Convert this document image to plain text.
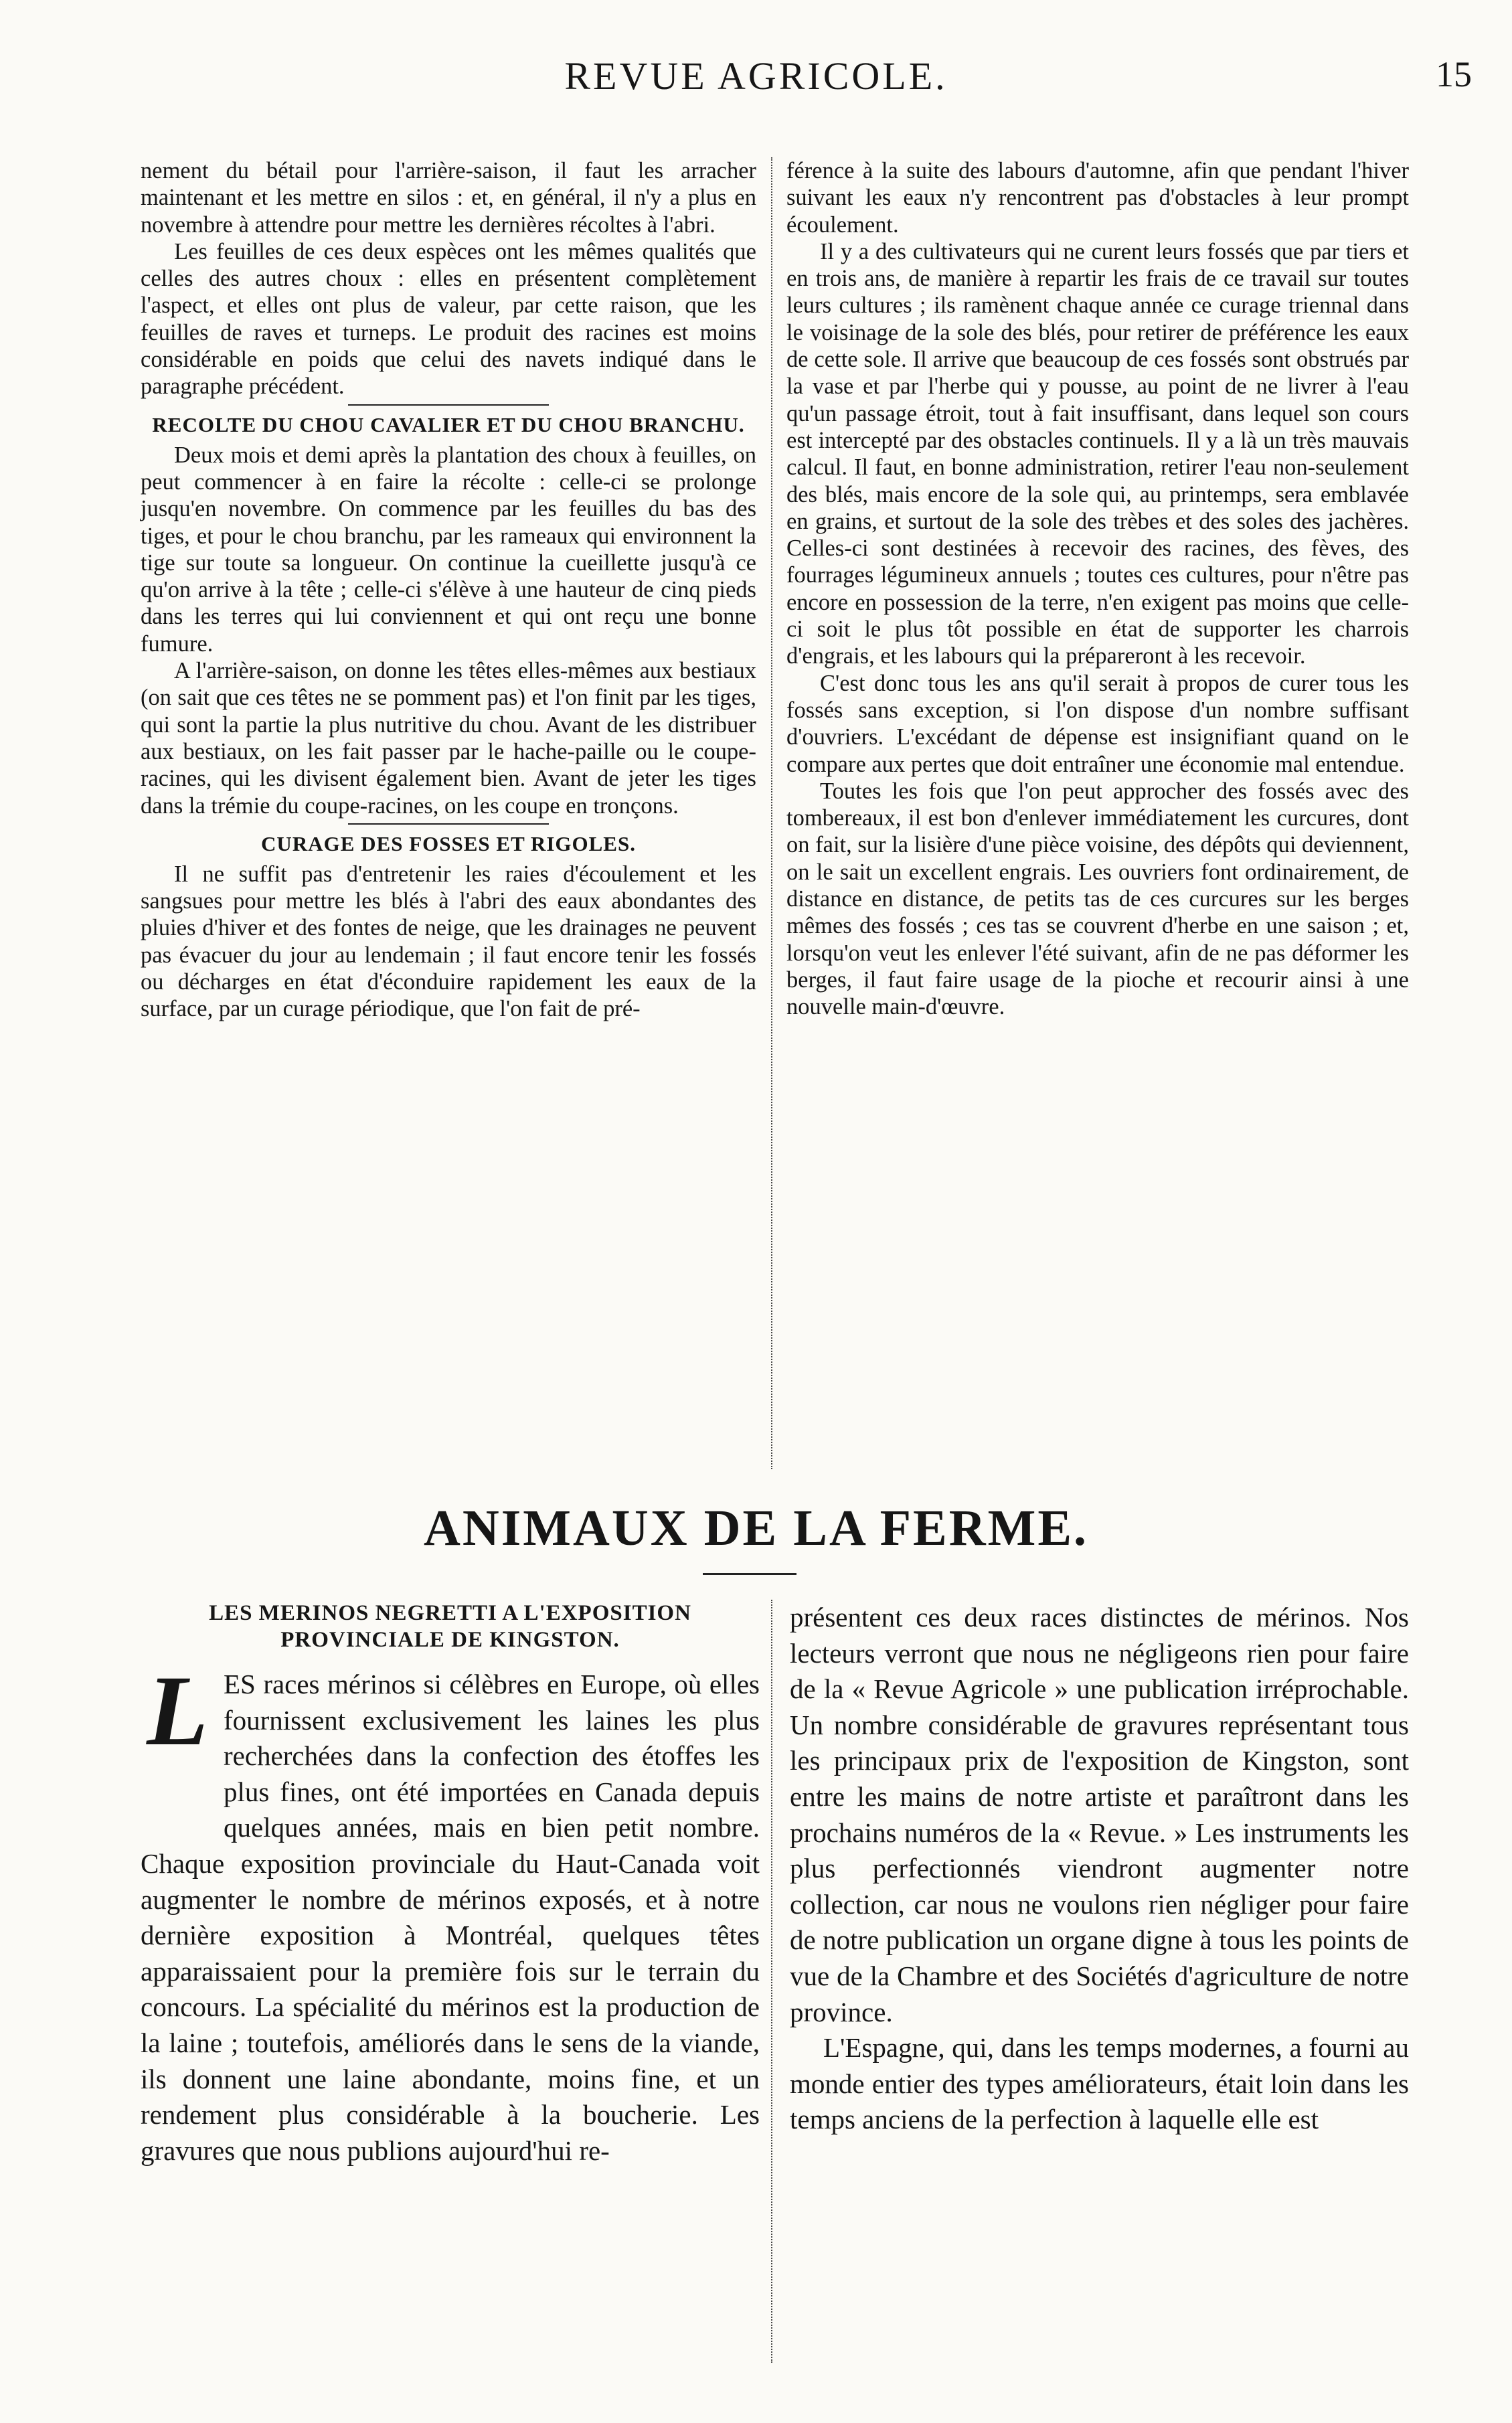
REVUE AGRICOLE.	15

nement du bétail pour l'arrière-saison, il faut les arracher maintenant et les mettre en silos : et, en général, il n'y a plus en novembre à attendre pour mettre les dernières récoltes à l'abri.

Les feuilles de ces deux espèces ont les mêmes qualités que celles des autres choux : elles en présentent complètement l'aspect, et elles ont plus de valeur, par cette raison, que les feuilles de raves et turneps. Le produit des racines est moins considérable en poids que celui des navets indiqué dans le paragraphe précédent.

RECOLTE DU CHOU CAVALIER ET DU CHOU BRANCHU.

Deux mois et demi après la plantation des choux à feuilles, on peut commencer à en faire la récolte : celle-ci se prolonge jusqu'en novembre. On commence par les feuilles du bas des tiges, et pour le chou branchu, par les rameaux qui environnent la tige sur toute sa longueur. On continue la cueillette jusqu'à ce qu'on arrive à la tête ; celle-ci s'élève à une hauteur de cinq pieds dans les terres qui lui conviennent et qui ont reçu une bonne fumure.

A l'arrière-saison, on donne les têtes elles-mêmes aux bestiaux (on sait que ces têtes ne se pomment pas) et l'on finit par les tiges, qui sont la partie la plus nutritive du chou. Avant de les distribuer aux bestiaux, on les fait passer par le hache-paille ou le coupe-racines, qui les divisent également bien. Avant de jeter les tiges dans la trémie du coupe-racines, on les coupe en tronçons.

CURAGE DES FOSSES ET RIGOLES.

Il ne suffit pas d'entretenir les raies d'écoulement et les sangsues pour mettre les blés à l'abri des eaux abondantes des pluies d'hiver et des fontes de neige, que les drainages ne peuvent pas évacuer du jour au lendemain ; il faut encore tenir les fossés ou décharges en état d'éconduire rapidement les eaux de la surface, par un curage périodique, que l'on fait de pré-

férence à la suite des labours d'automne, afin que pendant l'hiver suivant les eaux n'y rencontrent pas d'obstacles à leur prompt écoulement.

Il y a des cultivateurs qui ne curent leurs fossés que par tiers et en trois ans, de manière à repartir les frais de ce travail sur toutes leurs cultures ; ils ramènent chaque année ce curage triennal dans le voisinage de la sole des blés, pour retirer de préférence les eaux de cette sole. Il arrive que beaucoup de ces fossés sont obstrués par la vase et par l'herbe qui y pousse, au point de ne livrer à l'eau qu'un passage étroit, tout à fait insuffisant, dans lequel son cours est intercepté par des obstacles continuels. Il y a là un très mauvais calcul. Il faut, en bonne administration, retirer l'eau non-seulement des blés, mais encore de la sole qui, au printemps, sera emblavée en grains, et surtout de la sole des trèbes et des soles des jachères. Celles-ci sont destinées à recevoir des racines, des fèves, des fourrages légumineux annuels ; toutes ces cultures, pour n'être pas encore en possession de la terre, n'en exigent pas moins que celle-ci soit le plus tôt possible en état de supporter les charrois d'engrais, et les labours qui la prépareront à les recevoir.

C'est donc tous les ans qu'il serait à propos de curer tous les fossés sans exception, si l'on dispose d'un nombre suffisant d'ouvriers. L'excédant de dépense est insignifiant quand on le compare aux pertes que doit entraîner une économie mal entendue.

Toutes les fois que l'on peut approcher des fossés avec des tombereaux, il est bon d'enlever immédiatement les curcures, dont on fait, sur la lisière d'une pièce voisine, des dépôts qui deviennent, on le sait un excellent engrais. Les ouvriers font ordinairement, de distance en distance, de petits tas de ces curcures sur les berges mêmes des fossés ; ces tas se couvrent d'herbe en une saison ; et, lorsqu'on veut les enlever l'été suivant, afin de ne pas déformer les berges, il faut faire usage de la pioche et recourir ainsi à une nouvelle main-d'œuvre.

ANIMAUX DE LA FERME.
LES MERINOS NEGRETTI A L'EXPOSITION PROVINCIALE DE KINGSTON.
L ES races mérinos si célèbres en Europe, où elles fournissent exclusivement les laines les plus recherchées dans la confection des étoffes les plus fines, ont été importées en Canada depuis quelques années, mais en bien petit nombre. Chaque exposition provinciale du Haut-Canada voit augmenter le nombre de mérinos exposés, et à notre dernière exposition à Montréal, quelques têtes apparaissaient pour la première fois sur le terrain du concours. La spécialité du mérinos est la production de la laine ; toutefois, améliorés dans le sens de la viande, ils donnent une laine abondante, moins fine, et un rendement plus considérable à la boucherie. Les gravures que nous publions aujourd'hui re-

présentent ces deux races distinctes de mérinos. Nos lecteurs verront que nous ne négligeons rien pour faire de la « Revue Agricole » une publication irréprochable. Un nombre considérable de gravures représentant tous les principaux prix de l'exposition de Kingston, sont entre les mains de notre artiste et paraîtront dans les prochains numéros de la « Revue. » Les instruments les plus perfectionnés viendront augmenter notre collection, car nous ne voulons rien négliger pour faire de notre publication un organe digne à tous les points de vue de la Chambre et des Sociétés d'agriculture de notre province.

L'Espagne, qui, dans les temps modernes, a fourni au monde entier des types améliorateurs, était loin dans les temps anciens de la perfection à laquelle elle est
